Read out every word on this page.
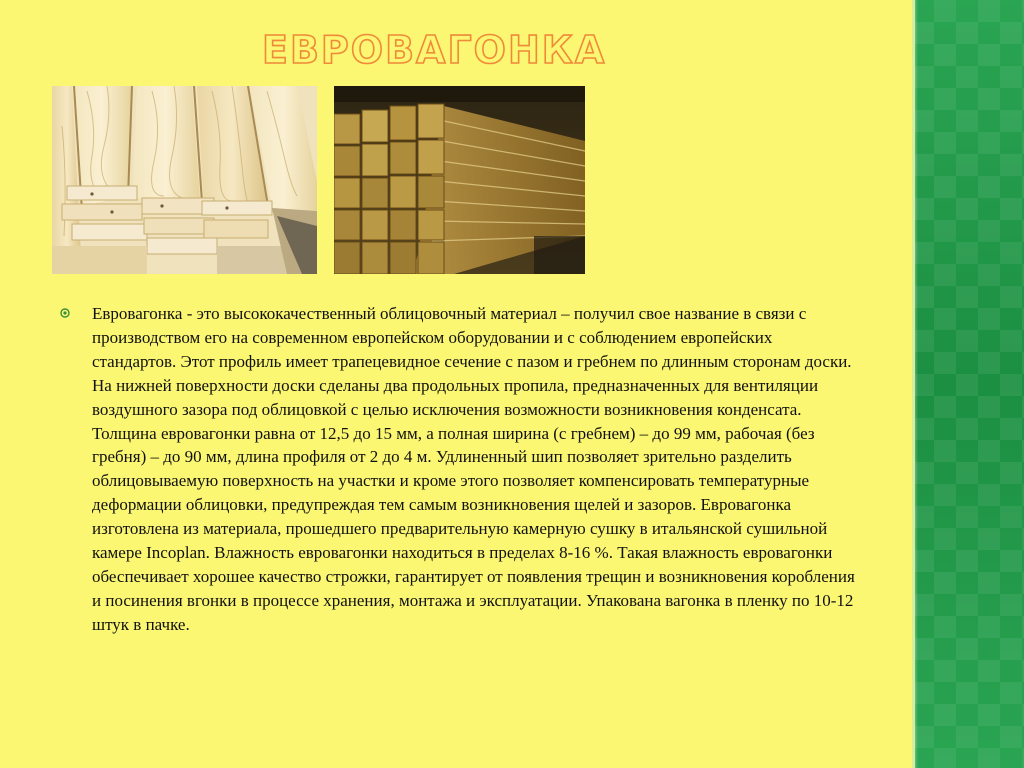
ЕВРОВАГОНКА

Евровагонка - это высококачественный облицовочный материал – получил свое название в связи с производством его на современном европейском оборудовании и с соблюдением европейских стандартов. Этот профиль имеет трапецевидное сечение с пазом и гребнем по длинным сторонам доски. На нижней поверхности доски сделаны два продольных пропила, предназначенных для вентиляции воздушного зазора под облицовкой с целью исключения возможности возникновения конденсата. Толщина евровагонки равна от 12,5 до 15 мм, а полная ширина (с гребнем) – до 99 мм, рабочая (без гребня) – до 90 мм, длина профиля от 2 до 4 м. Удлиненный шип позволяет зрительно разделить облицовываемую поверхность на участки и кроме этого позволяет компенсировать температурные деформации облицовки, предупреждая тем самым возникновения щелей и зазоров. Евровагонка изготовлена из материала, прошедшего предварительную камерную сушку в итальянской сушильной камере Incoplan. Влажность евровагонки находиться в пределах 8-16 %. Такая влажность евровагонки обеспечивает хорошее качество строжки, гарантирует от появления трещин и возникновения коробления и посинения вгонки в процессе хранения, монтажа и эксплуатации. Упакована вагонка в пленку по 10-12 штук в пачке.
